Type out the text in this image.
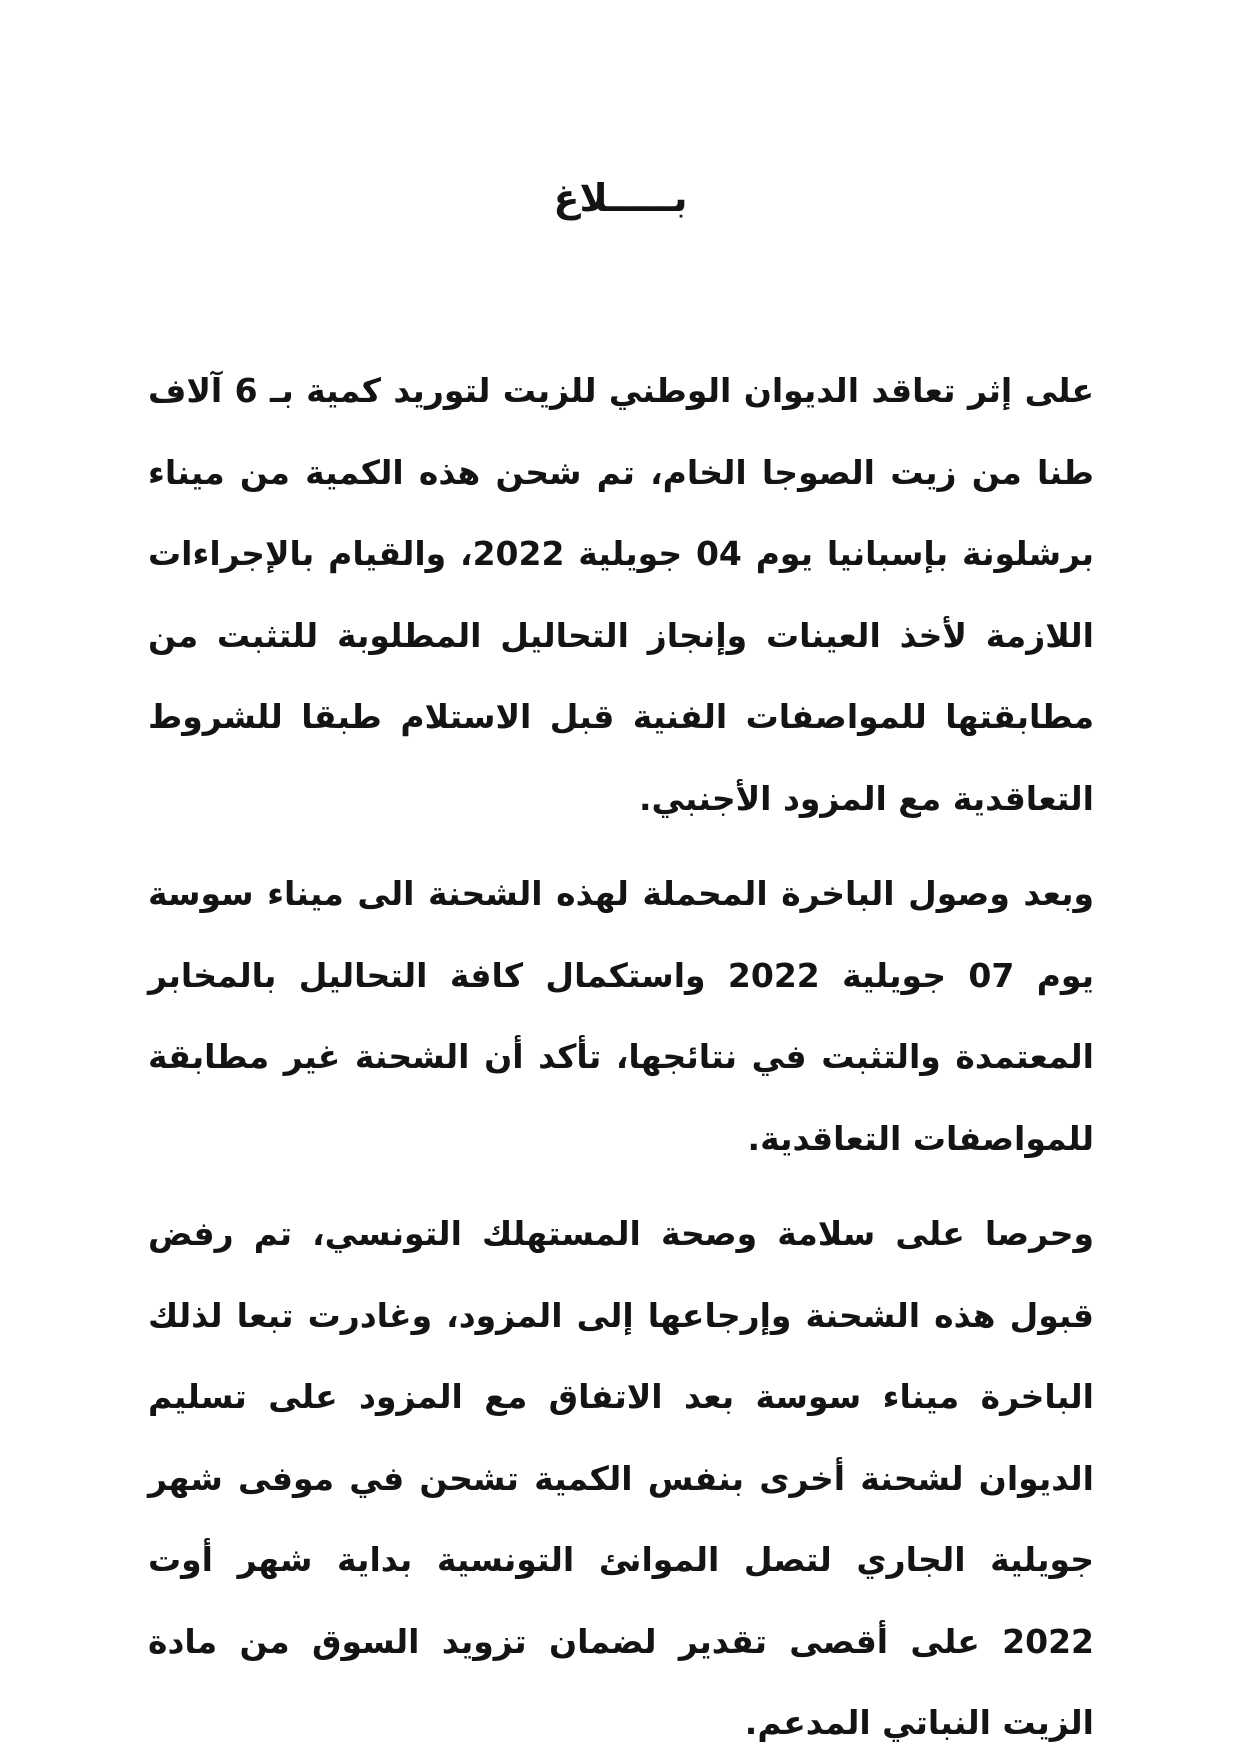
بـــــلاغ

على إثر تعاقد الديوان الوطني للزيت لتوريد كمية بـ 6 آلاف طنا من زيت الصوجا الخام، تم شحن هذه الكمية من ميناء برشلونة بإسبانيا يوم 04 جويلية 2022، والقيام بالإجراءات اللازمة لأخذ العينات وإنجاز التحاليل المطلوبة للتثبت من مطابقتها للمواصفات الفنية قبل الاستلام طبقا للشروط التعاقدية مع المزود الأجنبي.

وبعد وصول الباخرة المحملة لهذه الشحنة الى ميناء سوسة يوم 07 جويلية 2022 واستكمال كافة التحاليل بالمخابر المعتمدة والتثبت في نتائجها، تأكد أن الشحنة غير مطابقة للمواصفات التعاقدية.

وحرصا على سلامة وصحة المستهلك التونسي، تم رفض قبول هذه الشحنة وإرجاعها إلى المزود، وغادرت تبعا لذلك الباخرة ميناء سوسة بعد الاتفاق مع المزود على تسليم الديوان لشحنة أخرى بنفس الكمية تشحن في موفى شهر جويلية الجاري لتصل الموانئ التونسية بداية شهر أوت 2022 على أقصى تقدير لضمان تزويد السوق من مادة الزيت النباتي المدعم.
